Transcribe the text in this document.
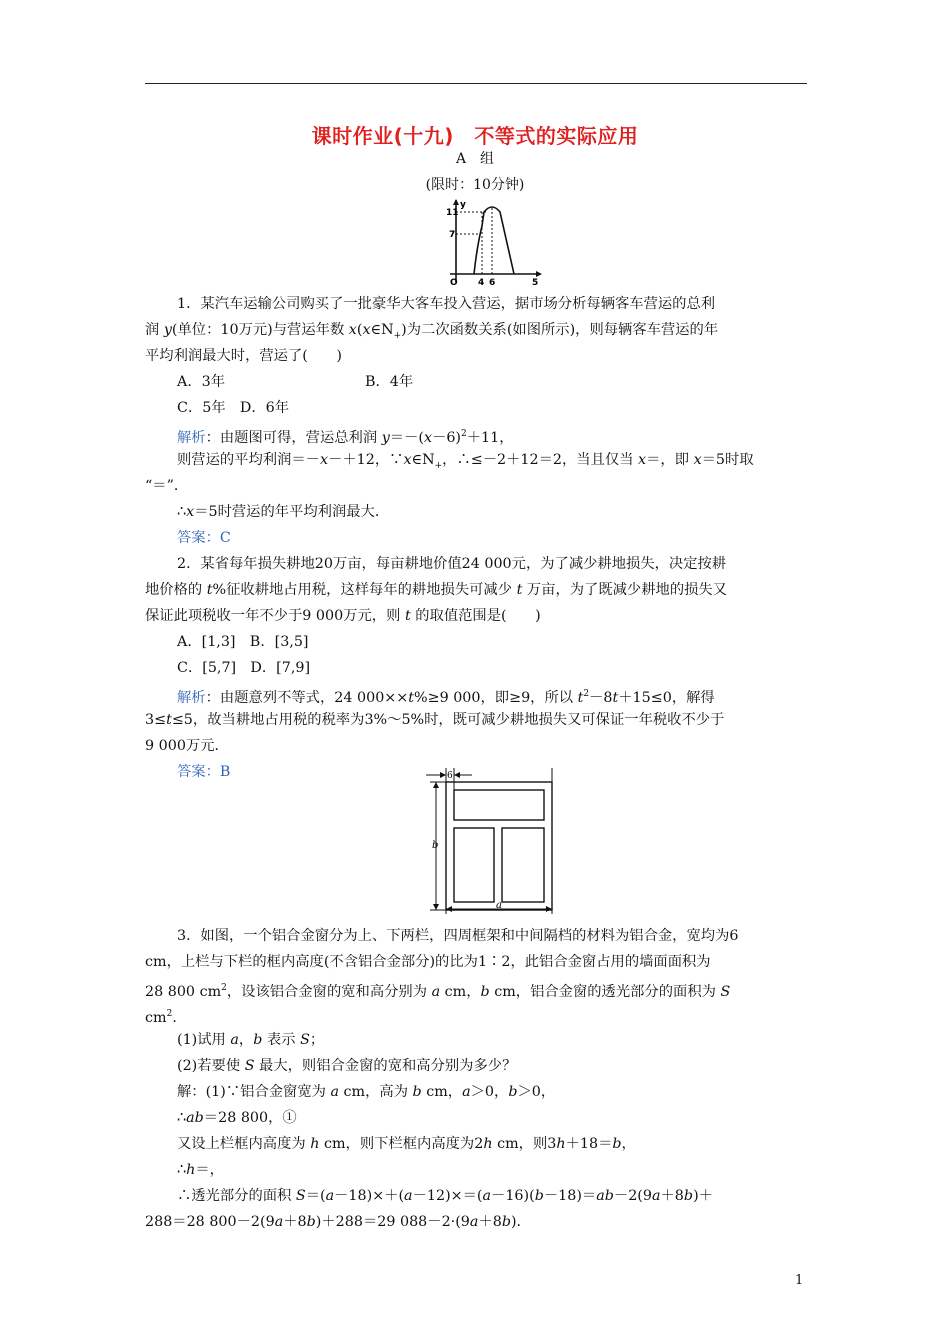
课时作业(十九)　不等式的实际应用
A　组
(限时：10分钟)
y
11
7
O 4 6	5
1．某汽车运输公司购买了一批豪华大客车投入营运，据市场分析每辆客车营运的总利
润 y(单位：10万元)与营运年数 $x(x\in N_+)$为二次函数关系(如图所示)，则每辆客车营运的年
平均利润最大时，营运了(　　)
A．3年	B．4年
C．5年　D．6年
解析：由题图可得，营运总利润 $y=-(x-6)^2+11$，
则营运的平均利润＝－x－＋12，$\because x\in N_+$，∴≤－2＋12＝2，当且仅当 x＝，即 x＝5时取
“＝”．
∴x＝5时营运的年平均利润最大．
答案：C
2．某省每年损失耕地20万亩，每亩耕地价值24 000元，为了减少耕地损失，决定按耕
地价格的 t%征收耕地占用税，这样每年的耕地损失可减少 t 万亩，为了既减少耕地的损失又
保证此项税收一年不少于9 000万元，则 t 的取值范围是(　　)
A．[1,3]　B．[3,5]
C．[5,7]　D．[7,9]
解析：由题意列不等式，24 000××t%≥9 000，即≥9，所以 $t^2-8t+15\le 0$，解得
3≤t≤5，故当耕地占用税的税率为3%～5%时，既可减少耕地损失又可保证一年税收不少于
9 000万元．
答案：B	6
b
a
3．如图，一个铝合金窗分为上、下两栏，四周框架和中间隔档的材料为铝合金，宽均为6
cm，上栏与下栏的框内高度(不含铝合金部分)的比为1∶2，此铝合金窗占用的墙面面积为
28 800 $cm^2$，设该铝合金窗的宽和高分别为 a cm，b cm，铝合金窗的透光部分的面积为 S
$cm^2$．
(1)试用 a，b 表示 S；
(2)若要使 S 最大，则铝合金窗的宽和高分别为多少？
解：(1)∵铝合金窗宽为 a cm，高为 b cm，a＞0，b＞0，
∴ab＝28 800，①
又设上栏框内高度为 h cm，则下栏框内高度为2h cm，则3h＋18＝b，
∴h＝，
∴透光部分的面积 S＝(a－18)×＋(a－12)×＝(a－16)(b－18)＝ab－2(9a＋8b)＋
288＝28 800－2(9a＋8b)＋288＝29 088－2·(9a＋8b)．
1
